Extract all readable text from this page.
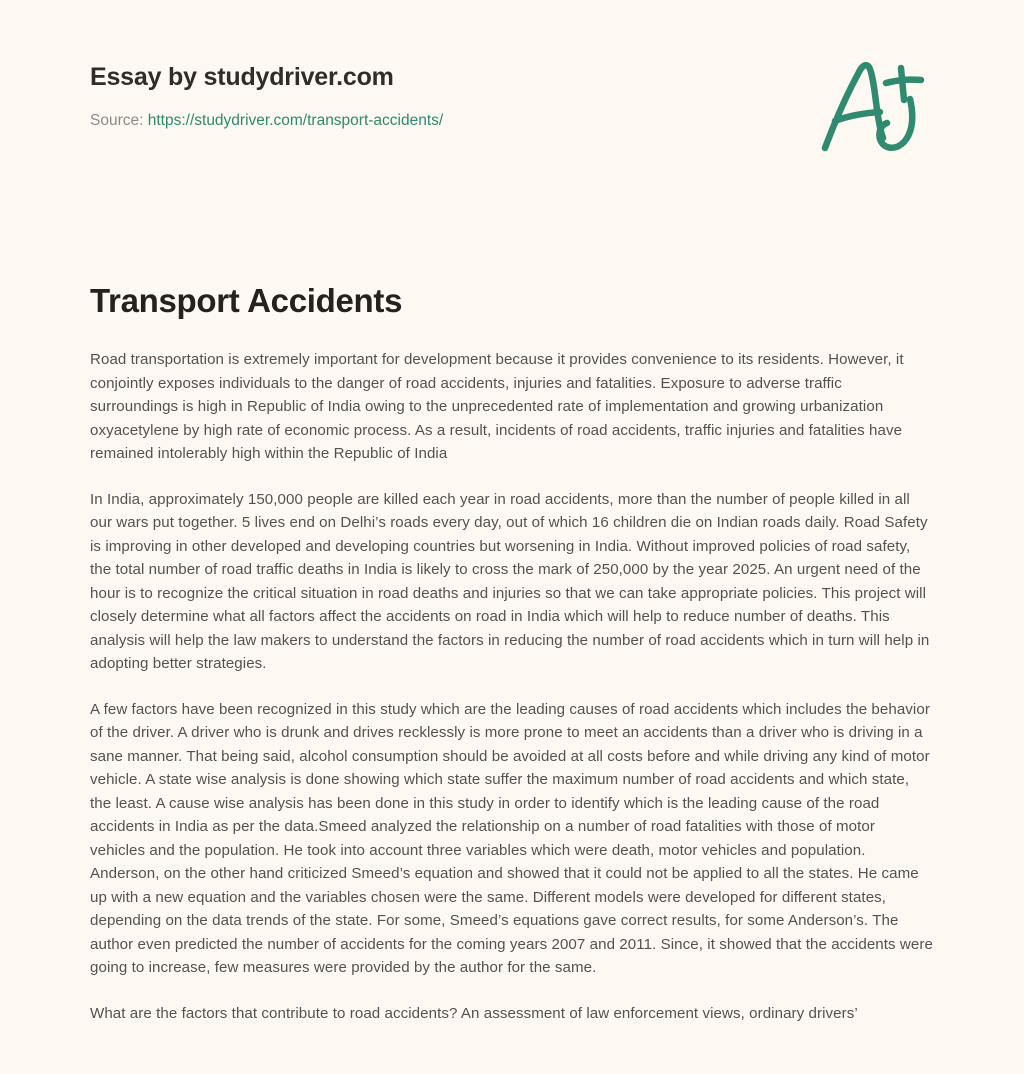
Essay by studydriver.com
Source: https://studydriver.com/transport-accidents/
Transport Accidents

Road transportation is extremely important for development because it provides convenience to its residents. However, it conjointly exposes individuals to the danger of road accidents, injuries and fatalities. Exposure to adverse traffic surroundings is high in Republic of India owing to the unprecedented rate of implementation and growing urbanization oxyacetylene by high rate of economic process. As a result, incidents of road accidents, traffic injuries and fatalities have remained intolerably high within the Republic of India

In India, approximately 150,000 people are killed each year in road accidents, more than the number of people killed in all our wars put together. 5 lives end on Delhi’s roads every day, out of which 16 children die on Indian roads daily. Road Safety is improving in other developed and developing countries but worsening in India. Without improved policies of road safety, the total number of road traffic deaths in India is likely to cross the mark of 250,000 by the year 2025. An urgent need of the hour is to recognize the critical situation in road deaths and injuries so that we can take appropriate policies. This project will closely determine what all factors affect the accidents on road in India which will help to reduce number of deaths. This analysis will help the law makers to understand the factors in reducing the number of road accidents which in turn will help in adopting better strategies.

A few factors have been recognized in this study which are the leading causes of road accidents which includes the behavior of the driver. A driver who is drunk and drives recklessly is more prone to meet an accidents than a driver who is driving in a sane manner. That being said, alcohol consumption should be avoided at all costs before and while driving any kind of motor vehicle. A state wise analysis is done showing which state suffer the maximum number of road accidents and which state, the least. A cause wise analysis has been done in this study in order to identify which is the leading cause of the road accidents in India as per the data.Smeed analyzed the relationship on a number of road fatalities with those of motor vehicles and the population. He took into account three variables which were death, motor vehicles and population. Anderson, on the other hand criticized Smeed’s equation and showed that it could not be applied to all the states. He came up with a new equation and the variables chosen were the same. Different models were developed for different states, depending on the data trends of the state. For some, Smeed’s equations gave correct results, for some Anderson’s. The author even predicted the number of accidents for the coming years 2007 and 2011. Since, it showed that the accidents were going to increase, few measures were provided by the author for the same.

What are the factors that contribute to road accidents? An assessment of law enforcement views, ordinary drivers’
